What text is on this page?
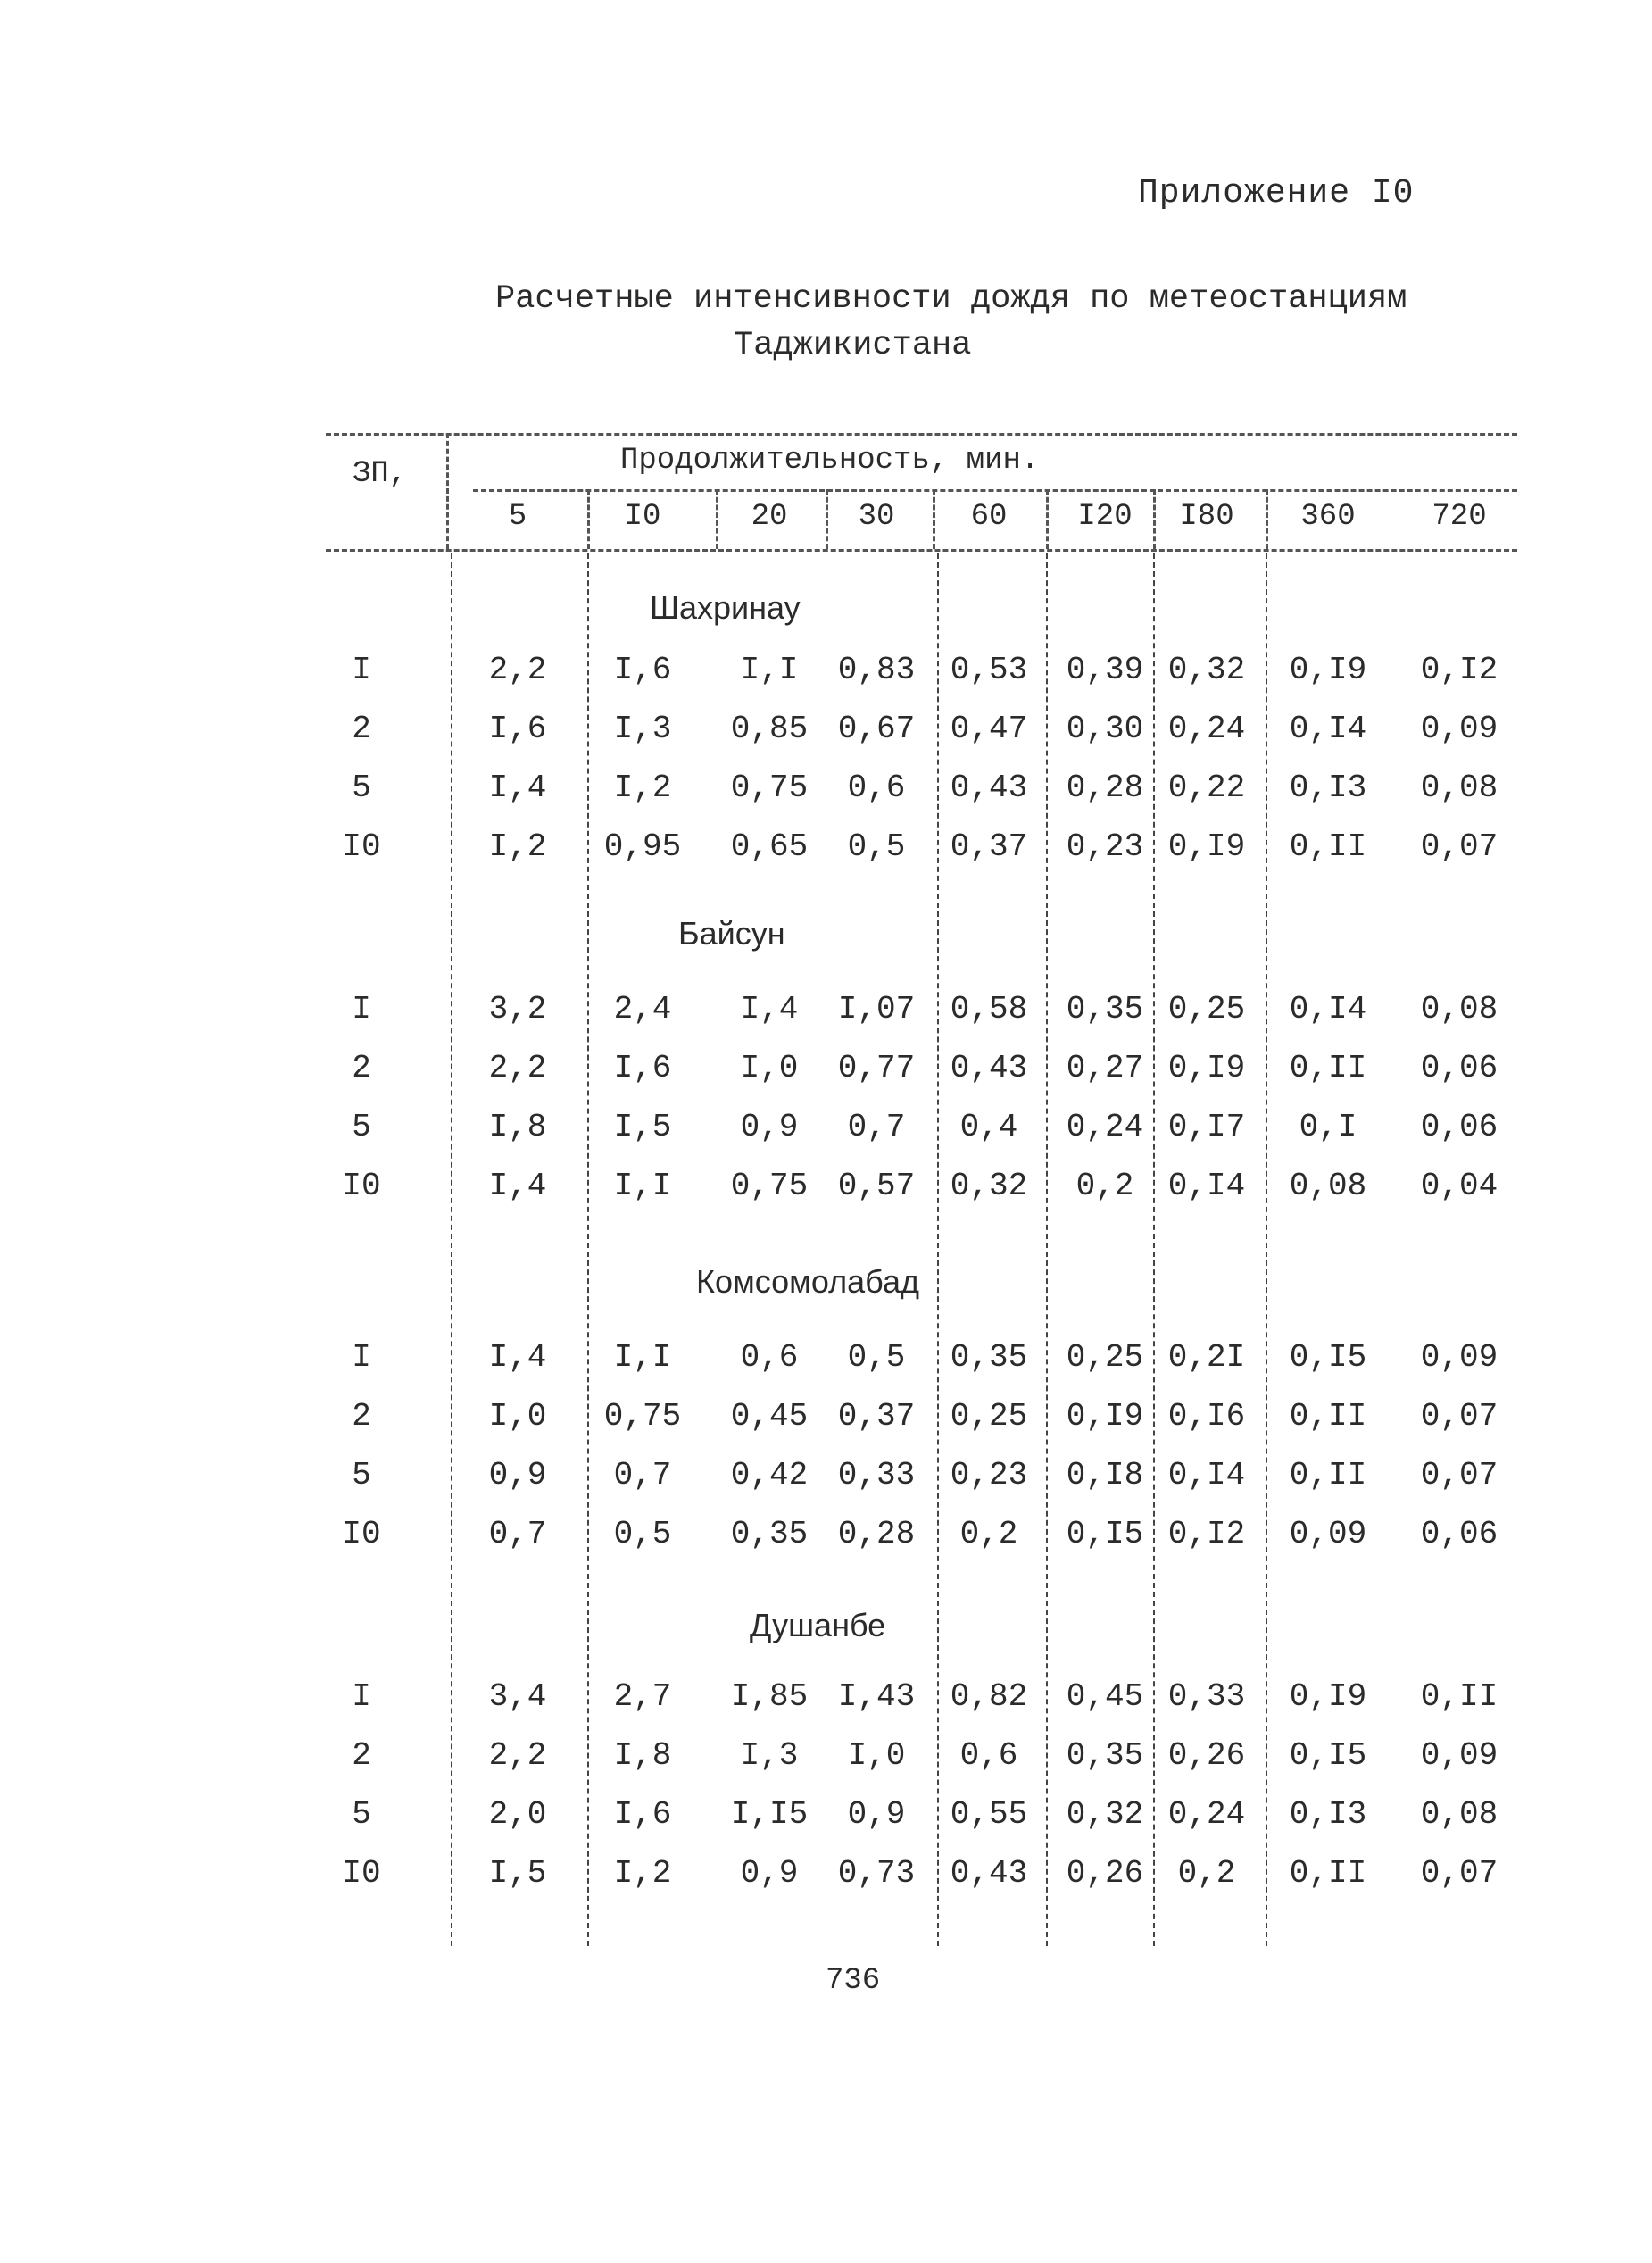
Приложение I0
Расчетные интенсивности дождя по метеостанциям
Таджикистана
ЗП,	Продолжительность, мин.
5	I0	20 30	60 I20 I80 360	720
Шахринау
I	2,2 I,6 I,I 0,83 0,53 0,39 0,32 0,I9 0,I2
2	I,6 I,3 0,85 0,67 0,47 0,30 0,24 0,I4 0,09
5	I,4 I,2 0,75 0,6 0,43 0,28 0,22 0,I3 0,08
I0	I,2 0,95 0,65 0,5 0,37 0,23 0,I9 0,II 0,07
Байсун
I	3,2 2,4 I,4 I,07 0,58 0,35 0,25 0,I4 0,08
2	2,2 I,6 I,0 0,77 0,43 0,27 0,I9 0,II 0,06
5	I,8 I,5 0,9 0,7 0,4 0,24 0,I7 0,I 0,06
I0	I,4 I,I 0,75 0,57 0,32 0,2 0,I4 0,08 0,04
Комсомолабад
I	I,4 I,I 0,6 0,5 0,35 0,25 0,2I 0,I5 0,09
2	I,0 0,75 0,45 0,37 0,25 0,I9 0,I6 0,II 0,07
5	0,9 0,7 0,42 0,33 0,23 0,I8 0,I4 0,II 0,07
I0	0,7 0,5 0,35 0,28 0,2 0,I5 0,I2 0,09 0,06
Душанбе
I	3,4 2,7 I,85 I,43 0,82 0,45 0,33 0,I9 0,II
2	2,2 I,8 I,3 I,0 0,6 0,35 0,26 0,I5 0,09
5	2,0 I,6 I,I5 0,9 0,55 0,32 0,24 0,I3 0,08
I0	I,5 I,2 0,9 0,73 0,43 0,26 0,2 0,II 0,07
736
